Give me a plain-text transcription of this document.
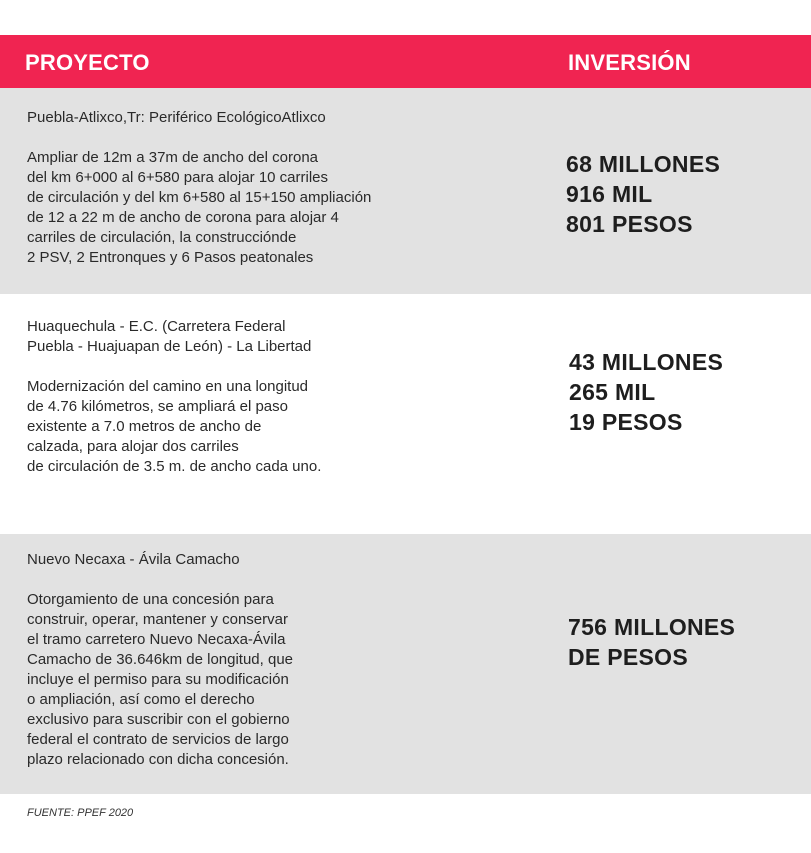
PROYECTO	INVERSIÓN
Puebla-Atlixco,Tr: Periférico EcológicoAtlixco
Ampliar de 12m a 37m de ancho del corona
del km 6+000 al 6+580 para alojar 10 carriles
de circulación y del km 6+580 al 15+150 ampliación
de 12 a 22 m de ancho de corona para alojar 4
carriles de circulación, la construcciónde
2 PSV, 2 Entronques y 6 Pasos peatonales
68 MILLONES
916 MIL
801 PESOS
Huaquechula - E.C. (Carretera Federal
Puebla - Huajuapan de León) - La Libertad
Modernización del camino en una longitud
de 4.76 kilómetros, se ampliará el paso
existente a 7.0 metros de ancho de
calzada, para alojar dos carriles
de circulación de 3.5 m. de ancho cada uno.
43 MILLONES
265 MIL
19 PESOS
Nuevo Necaxa - Ávila Camacho
Otorgamiento de una concesión para
construir, operar, mantener y conservar
el tramo carretero Nuevo Necaxa-Ávila
Camacho de 36.646km de longitud, que
incluye el permiso para su modificación
o ampliación, así como el derecho
exclusivo para suscribir con el gobierno
federal el contrato de servicios de largo
plazo relacionado con dicha concesión.
756 MILLONES
DE PESOS
FUENTE: PPEF 2020
